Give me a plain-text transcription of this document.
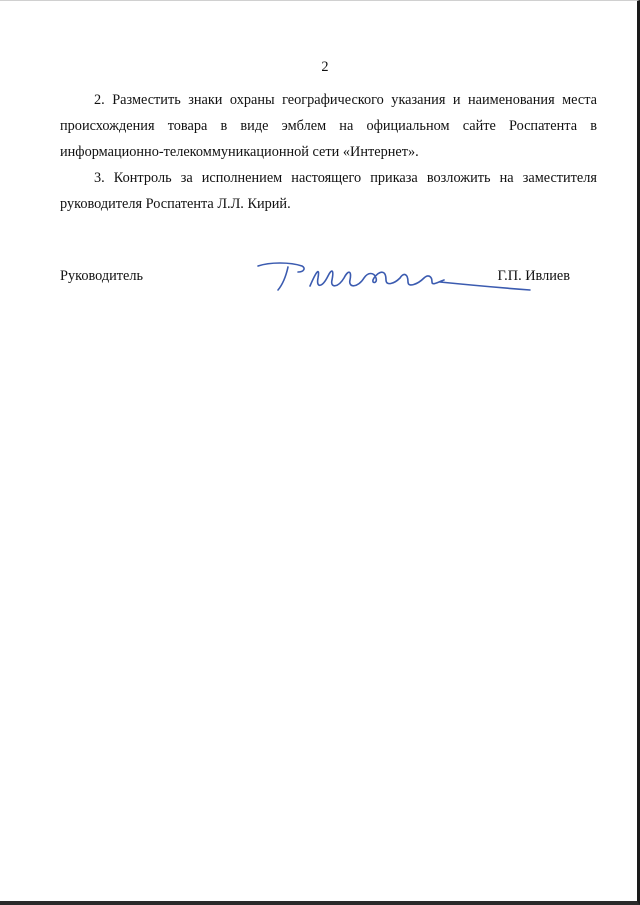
2

2. Разместить знаки охраны географического указания и наименования места происхождения товара в виде эмблем на официальном сайте Роспатента в информационно-телекоммуникационной сети «Интернет».

3. Контроль за исполнением настоящего приказа возложить на заместителя руководителя Роспатента Л.Л. Кирий.

Руководитель	Г.П. Ивлиев
